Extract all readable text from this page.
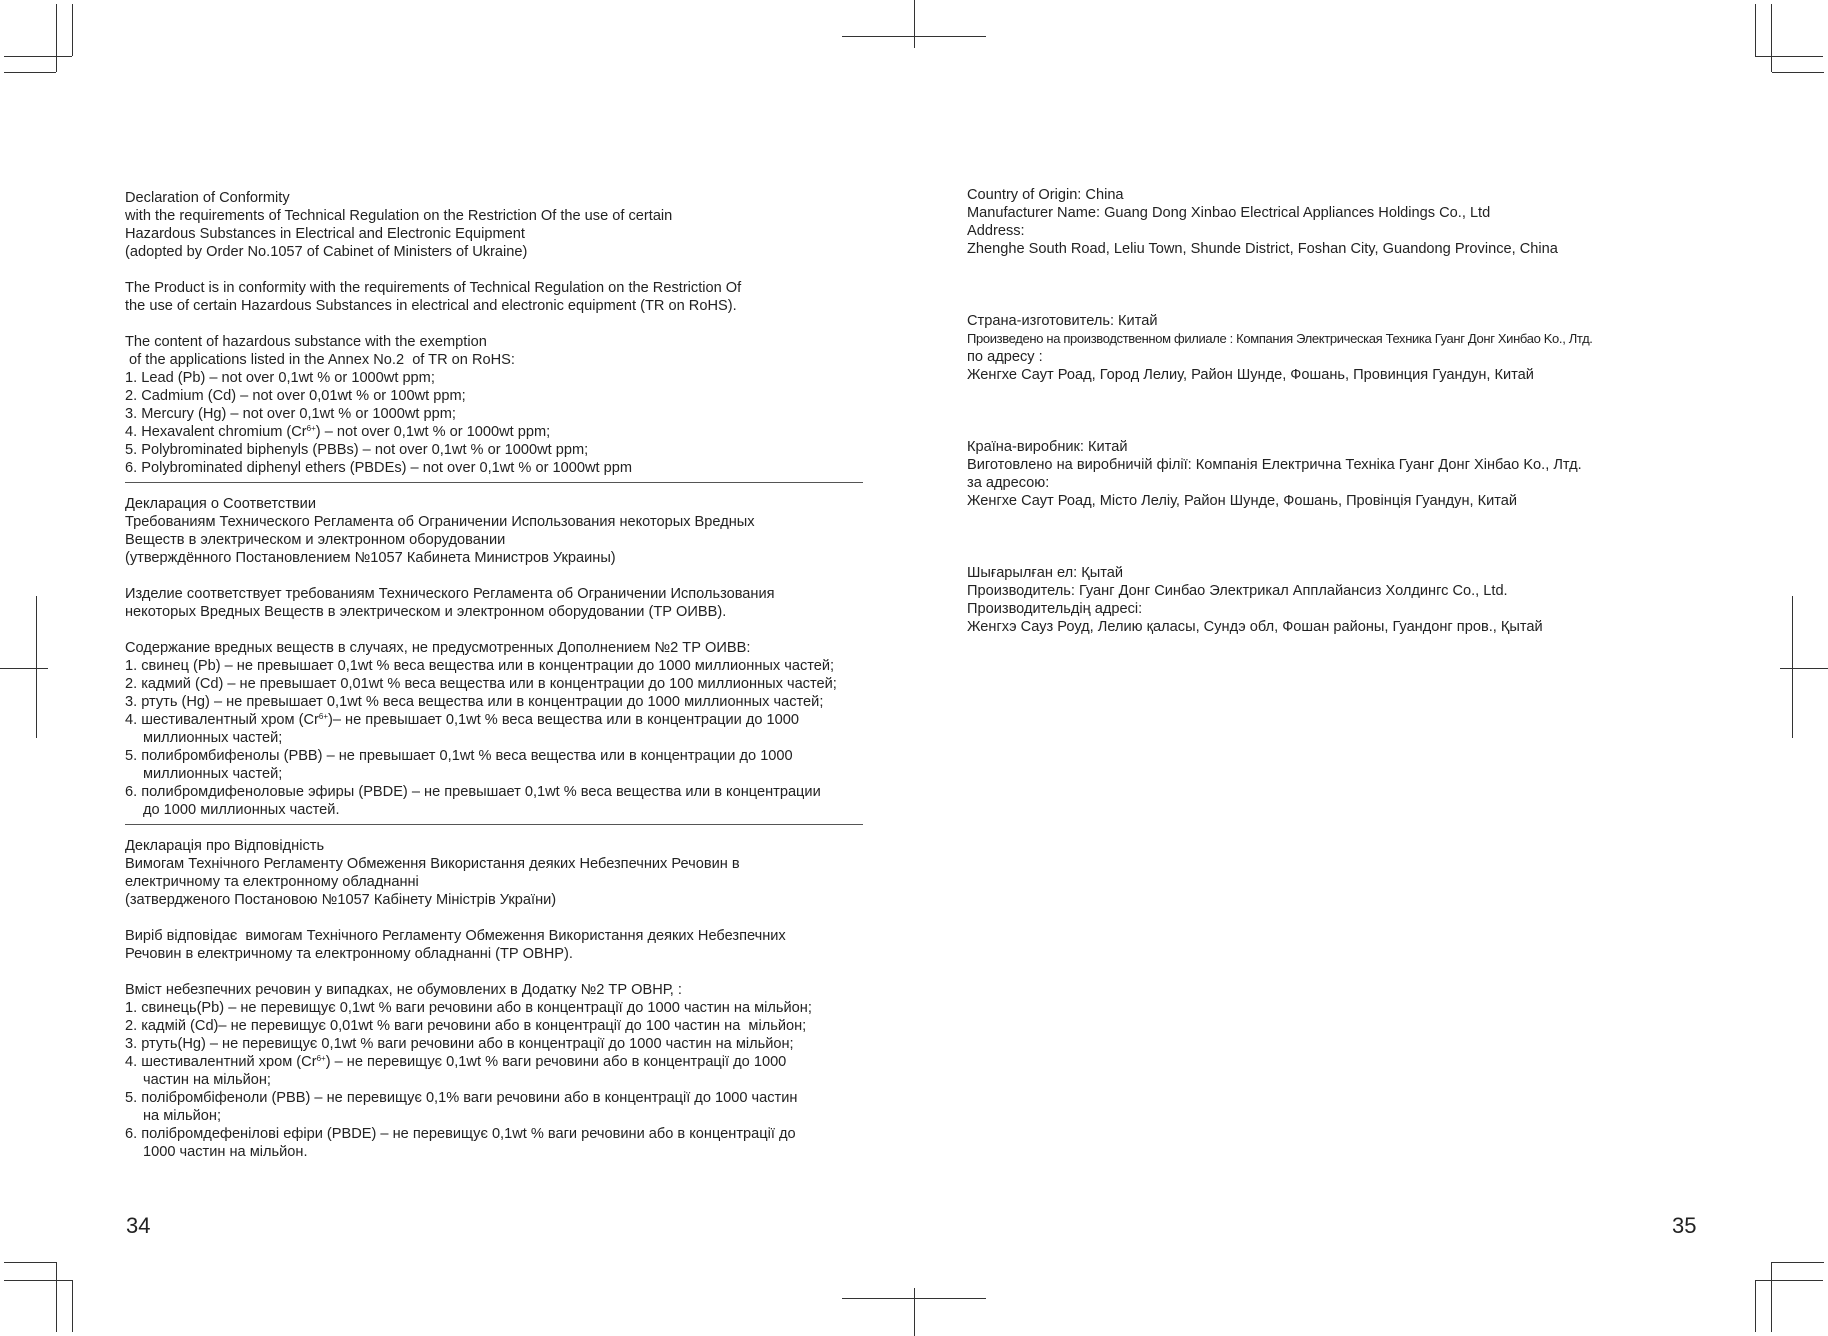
Declaration of Conformity
with the requirements of Technical Regulation on the Restriction Of the use of certain
Hazardous Substances in Electrical and Electronic Equipment
(adopted by Order No.1057 of Cabinet of Ministers of Ukraine)
The Product is in conformity with the requirements of Technical Regulation on the Restriction Of
the use of certain Hazardous Substances in electrical and electronic equipment (TR on RoHS).
The content of hazardous substance with the exemption
of the applications listed in the Annex No.2  of TR on RoHS:
1. Lead (Pb) – not over 0,1wt % or 1000wt ppm;
2. Cadmium (Cd) – not over 0,01wt % or 100wt ppm;
3. Mercury (Hg) – not over 0,1wt % or 1000wt ppm;
4. Hexavalent chromium $(Cr^{6+})$ – not over 0,1wt % or 1000wt ppm;
5. Polybrominated biphenyls (PBBs) – not over 0,1wt % or 1000wt ppm;
6. Polybrominated diphenyl ethers (PBDEs) – not over 0,1wt % or 1000wt ppm
Декларация о Соответствии
Требованиям Технического Регламента об Ограничении Использования некоторых Вредных
Веществ в электрическом и электронном оборудовании
(утверждённого Постановлением №1057 Кабинета Министров Украины)
Изделие соответствует требованиям Технического Регламента об Ограничении Использования
некоторых Вредных Веществ в электрическом и электронном оборудовании (ТР ОИВВ).
Содержание вредных веществ в случаях, не предусмотренных Дополнением №2 ТР ОИВВ:
1. свинец (Pb) – не превышает 0,1wt % веса вещества или в концентрации до 1000 миллионных частей;
2. кадмий (Cd) – не превышает 0,01wt % веса вещества или в концентрации до 100 миллионных частей;
3. ртуть (Hg) – не превышает 0,1wt % веса вещества или в концентрации до 1000 миллионных частей;
4. шестивалентный хром $(Cr^{6+})-$ не превышает 0,1wt % веса вещества или в концентрации до 1000
миллионных частей;
5. полибромбифенолы (PBB) – не превышает 0,1wt % веса вещества или в концентрации до 1000
миллионных частей;
6. полибромдифеноловые эфиры (PBDE) – не превышает 0,1wt % веса вещества или в концентрации
до 1000 миллионных частей.
Декларація про Відповідність
Вимогам Технічного Регламенту Обмеження Використання деяких Небезпечних Речовин в
електричному та електронному обладнанні
(затвердженого Постановою №1057 Кабінету Міністрів України)
Виріб відповідає  вимогам Технічного Регламенту Обмеження Використання деяких Небезпечних
Речовин в електричному та електронному обладнанні (ТР ОВНР).
Вміст небезпечних речовин у випадках, не обумовлених в Додатку №2 ТР ОВНР, :
1. свинець(Pb) – не перевищує 0,1wt % ваги речовини або в концентрації до 1000 частин на мільйон;
2. кадмій (Cd)– не перевищує 0,01wt % ваги речовини або в концентрації до 100 частин на  мільйон;
3. ртуть(Hg) – не перевищує 0,1wt % ваги речовини або в концентрації до 1000 частин на мільйон;
4. шестивалентний хром $(Cr^{6+})$ – не перевищує 0,1wt % ваги речовини або в концентрації до 1000
частин на мільйон;
5. полібромбіфеноли (PBB) – не перевищує 0,1% ваги речовини або в концентрації до 1000 частин
на мільйон;
6. полібромдефенілові ефіри (PBDE) – не перевищує 0,1wt % ваги речовини або в концентрації до
1000 частин на мільйон.
34
Country of Origin: China
Manufacturer Name: Guang Dong Xinbao Electrical Appliances Holdings Co., Ltd
Address:
Zhenghe South Road, Leliu Town, Shunde District, Foshan City, Guandong Province, China
Страна-изготовитель: Китай
Произведено на производственном филиале : Компания Электрическая Техника Гуанг Донг Хинбао Ko., Лтд.
по адресу :
Женгхе Саут Роад, Город Лелиу, Район Шунде, Фошань, Провинция Гуандун, Китай
Країна-виробник: Китай
Виготовлено на виробничій філії: Компанія Електрична Техніка Гуанг Донг Хінбао Ko., Лтд.
за адресою:
Женгхе Саут Роад, Місто Леліу, Район Шунде, Фошань, Провінція Гуандун, Китай
Шығарылған ел: Қытай
Производитель: Гуанг Донг Синбао Электрикал Апплайансиз Холдингс Co., Ltd.
Производительдің адресі:
Женгхэ Сауз Роуд, Лелию қаласы, Сундэ обл, Фошан районы, Гуандонг пров., Қытай
35
